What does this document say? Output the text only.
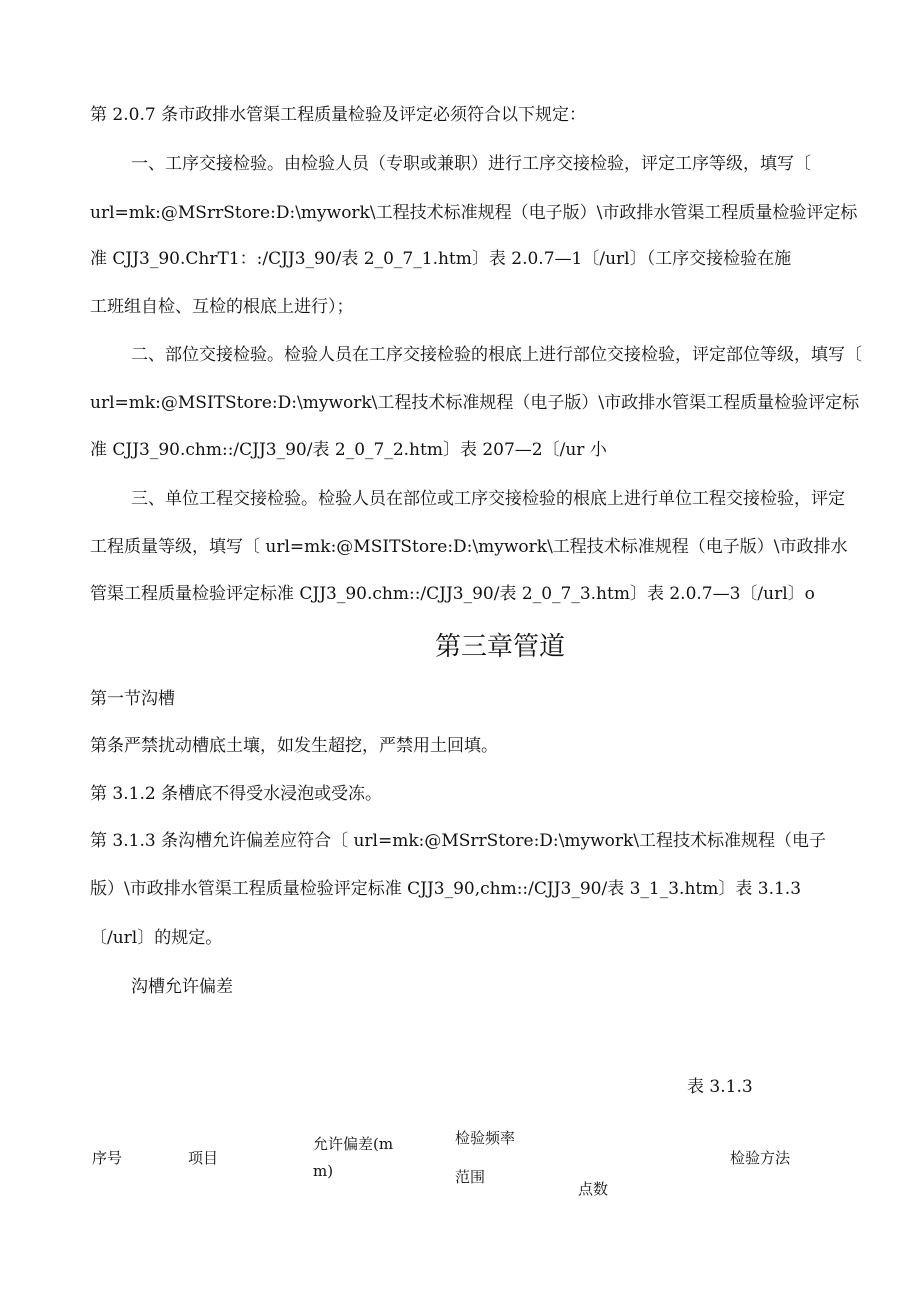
第 2.0.7 条市政排水管渠工程质量检验及评定必须符合以下规定：
一、工序交接检验。由检验人员（专职或兼职）进行工序交接检验，评定工序等级，填写〔
url=mk:@MSrrStore:D:\mywork\工程技术标准规程（电子版）\市政排水管渠工程质量检验评定标
准 CJJ3_90.ChrT1：:/CJJ3_90/表 2_0_7_1.htm〕表 2.0.7—1〔/url〕（工序交接检验在施
工班组自检、互检的根底上进行）；
二、部位交接检验。检验人员在工序交接检验的根底上进行部位交接检验，评定部位等级，填写〔
url=mk:@MSITStore:D:\mywork\工程技术标准规程（电子版）\市政排水管渠工程质量检验评定标
准 CJJ3_90.chm::/CJJ3_90/表 2_0_7_2.htm〕表 207—2〔/ur 小
三、单位工程交接检验。检验人员在部位或工序交接检验的根底上进行单位工程交接检验，评定
工程质量等级，填写〔 url=mk:@MSITStore:D:\mywork\工程技术标准规程（电子版）\市政排水
管渠工程质量检验评定标准 CJJ3_90.chm::/CJJ3_90/表 2_0_7_3.htm〕表 2.0.7—3〔/url〕o
第三章管道
第一节沟槽
第条严禁扰动槽底土壤，如发生超挖，严禁用土回填。
第 3.1.2 条槽底不得受水浸泡或受冻。
第 3.1.3 条沟槽允许偏差应符合〔 url=mk:@MSrrStore:D:\mywork\工程技术标准规程（电子
版）\市政排水管渠工程质量检验评定标准 CJJ3_90,chm::/CJJ3_90/表 3_1_3.htm〕表 3.1.3
〔/url〕的规定。
沟槽允许偏差
表 3.1.3
序号	项目
允许偏差(m
m)
检验频率
范围
点数
检验方法
